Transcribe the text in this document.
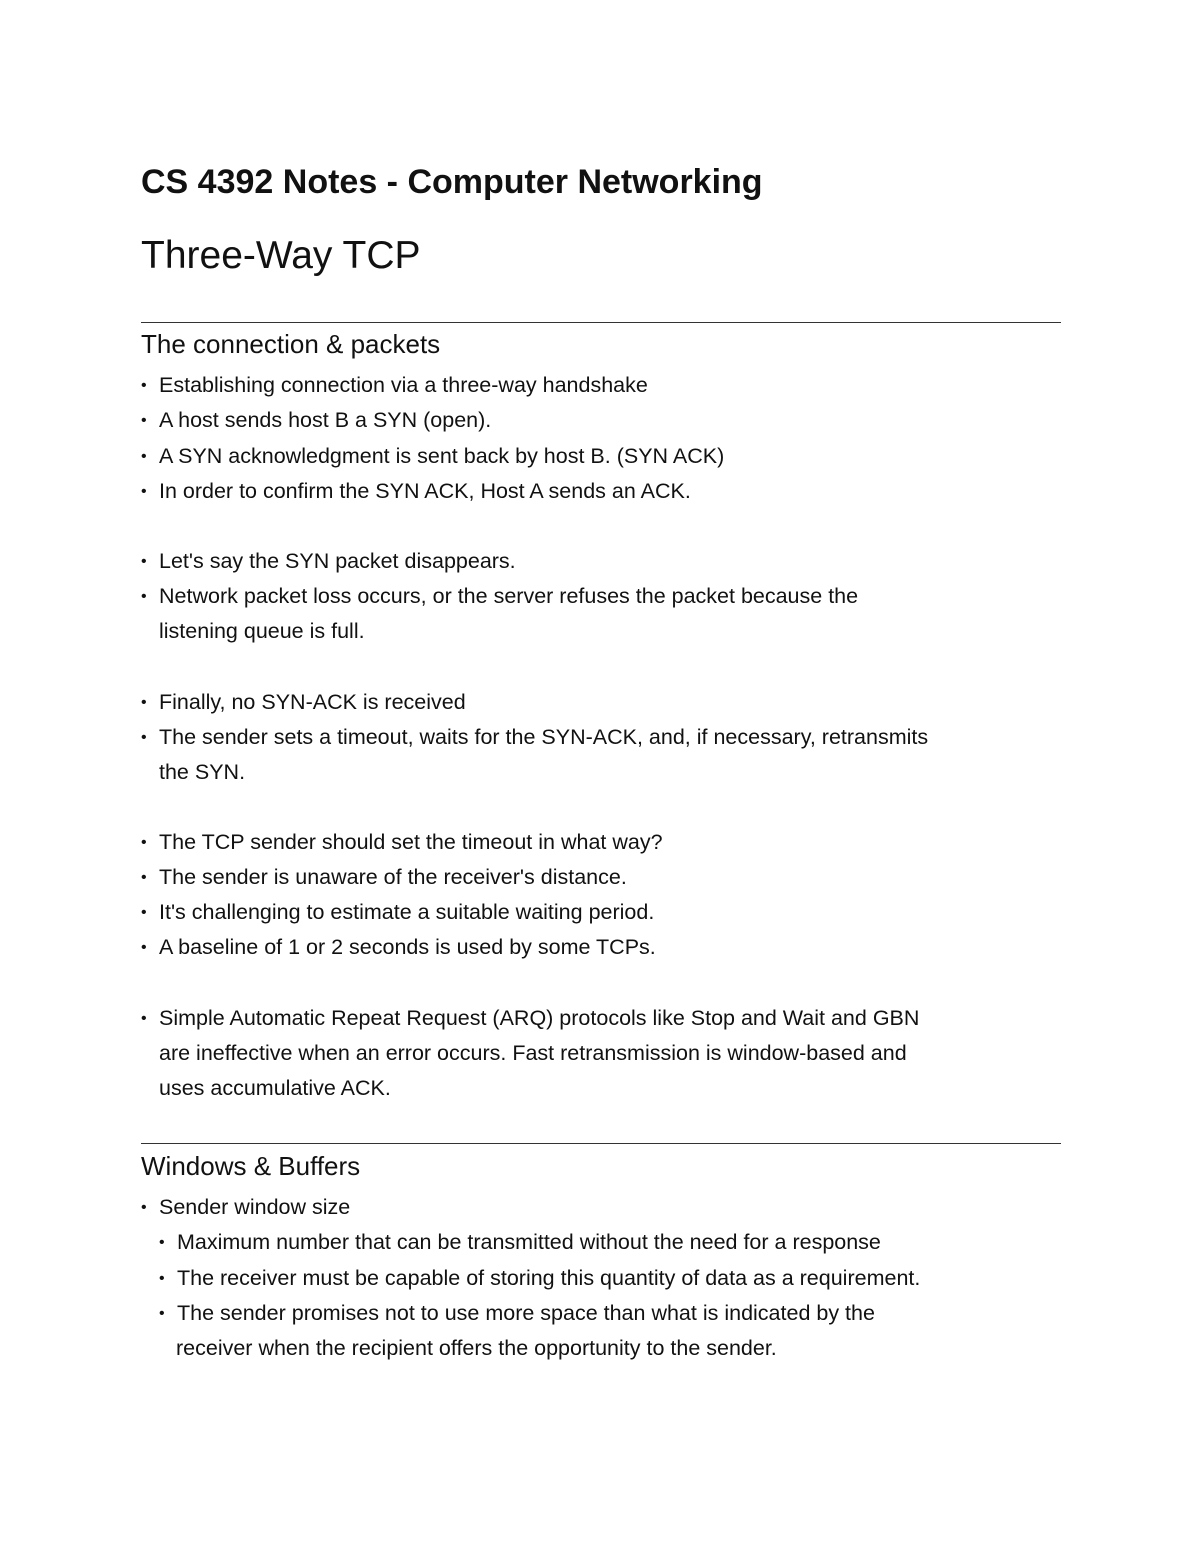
CS 4392 Notes - Computer Networking
Three-Way TCP
The connection & packets
• Establishing connection via a three-way handshake
• A host sends host B a SYN (open).
• A SYN acknowledgment is sent back by host B. (SYN ACK)
• In order to confirm the SYN ACK, Host A sends an ACK.
• Let's say the SYN packet disappears.
• Network packet loss occurs, or the server refuses the packet because the
listening queue is full.
• Finally, no SYN-ACK is received
• The sender sets a timeout, waits for the SYN-ACK, and, if necessary, retransmits
the SYN.
• The TCP sender should set the timeout in what way?
• The sender is unaware of the receiver's distance.
• It's challenging to estimate a suitable waiting period.
• A baseline of 1 or 2 seconds is used by some TCPs.
• Simple Automatic Repeat Request (ARQ) protocols like Stop and Wait and GBN
are ineffective when an error occurs. Fast retransmission is window-based and
uses accumulative ACK.
Windows & Buffers
• Sender window size
• Maximum number that can be transmitted without the need for a response
• The receiver must be capable of storing this quantity of data as a requirement.
• The sender promises not to use more space than what is indicated by the
receiver when the recipient offers the opportunity to the sender.
